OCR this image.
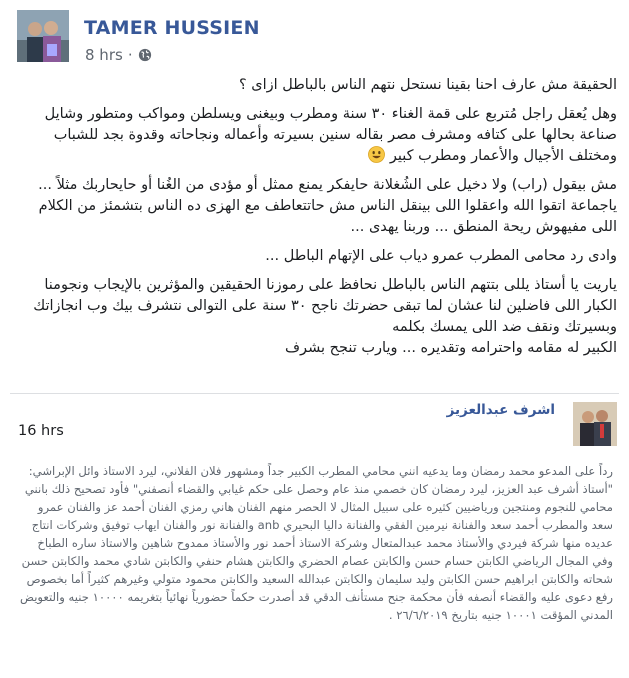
TAMER HUSSIEN
8 hrs ·

الحقيقة مش عارف احنا بقينا نستحل نتهم الناس بالباطل ازاى ؟

وهل يُعقل راجل مُتربع على قمة الغناء ٣٠ سنة ومطرب وبيغنى ويسلطن ومواكب ومتطور وشايل صناعة بحالها على كتافه ومشرف مصر بقاله سنين بسيرته وأعماله ونجاحاته وقدوة بجد للشباب ومختلف الأجيال والأعمار ومطرب كبير

مش بيقول (راب) ولا دخيل على الشُغلانة حايفكر يمنع ممثل أو مؤدى من الغُنا أو حايحاربك مثلاً ... ياجماعة اتقوا الله واعقلوا اللى بينقل الناس مش حاتتعاطف مع الهزى ده الناس بتشمئز من الكلام اللى مفيهوش ريحة المنطق ... وربنا يهدى ...

وادى رد محامى المطرب عمرو دياب على الإتهام الباطل ...

ياريت يا أستاذ يللى بتتهم الناس بالباطل نحافظ على رموزنا الحقيقين والمؤثرين بالإيجاب ونجومنا الكبار اللى فاضلين لنا عشان لما تبقى حضرتك ناجح ٣٠ سنة على التوالى نتشرف بيك وب انجازاتك وبسيرتك ونقف ضد اللى يمسك بكلمه

الكبير له مقامه واحترامه وتقديره ... ويارب تنجح بشرف

اشرف عبدالعزيز
16 hrs

رداً على المدعو محمد رمضان وما يدعيه انني محامي المطرب الكبير جداً ومشهور فلان الفلاني، ليرد الاستاذ وائل الإبراشي: "أستاذ أشرف عبد العزيز، ليرد رمضان كان خصمي منذ عام وحصل على حكم غيابي والقضاء أنصفني" فأود تصحيح ذلك بانني محامي للنجوم ومنتجين ورياضيين كثيره على سبيل المثال لا الحصر منهم الفنان هاني رمزي الفنان أحمد عز والفنان عمرو سعد والمطرب أحمد سعد والفنانة نيرمين الفقي والفنانة داليا البحيري anb والفنانة نور والفنان ايهاب توفيق وشركات انتاج عديده منها شركة فيردي والأستاذ محمد عبدالمتعال وشركة الاستاذ أحمد نور والأستاذ ممدوح شاهين والاستاذ ساره الطباخ وفي المجال الرياضي الكابتن حسام حسن والكابتن عصام الحضري والكابتن هشام حنفي والكابتن شادي محمد والكابتن حسن شحاته والكابتن ابراهيم حسن الكابتن وليد سليمان والكابتن عبدالله السعيد والكابتن محمود متولي وغيرهم كثيراً أما بخصوص رفع دعوى عليه والقضاء أنصفه فأن محكمة جنح مستأنف الدقي قد أصدرت حكماً حضورياً نهائياً بتغريمه ١٠٠٠٠ جنيه والتعويض المدني المؤقت ١٠٠٠١ جنيه بتاريخ ٢٦/٦/٢٠١٩ .
